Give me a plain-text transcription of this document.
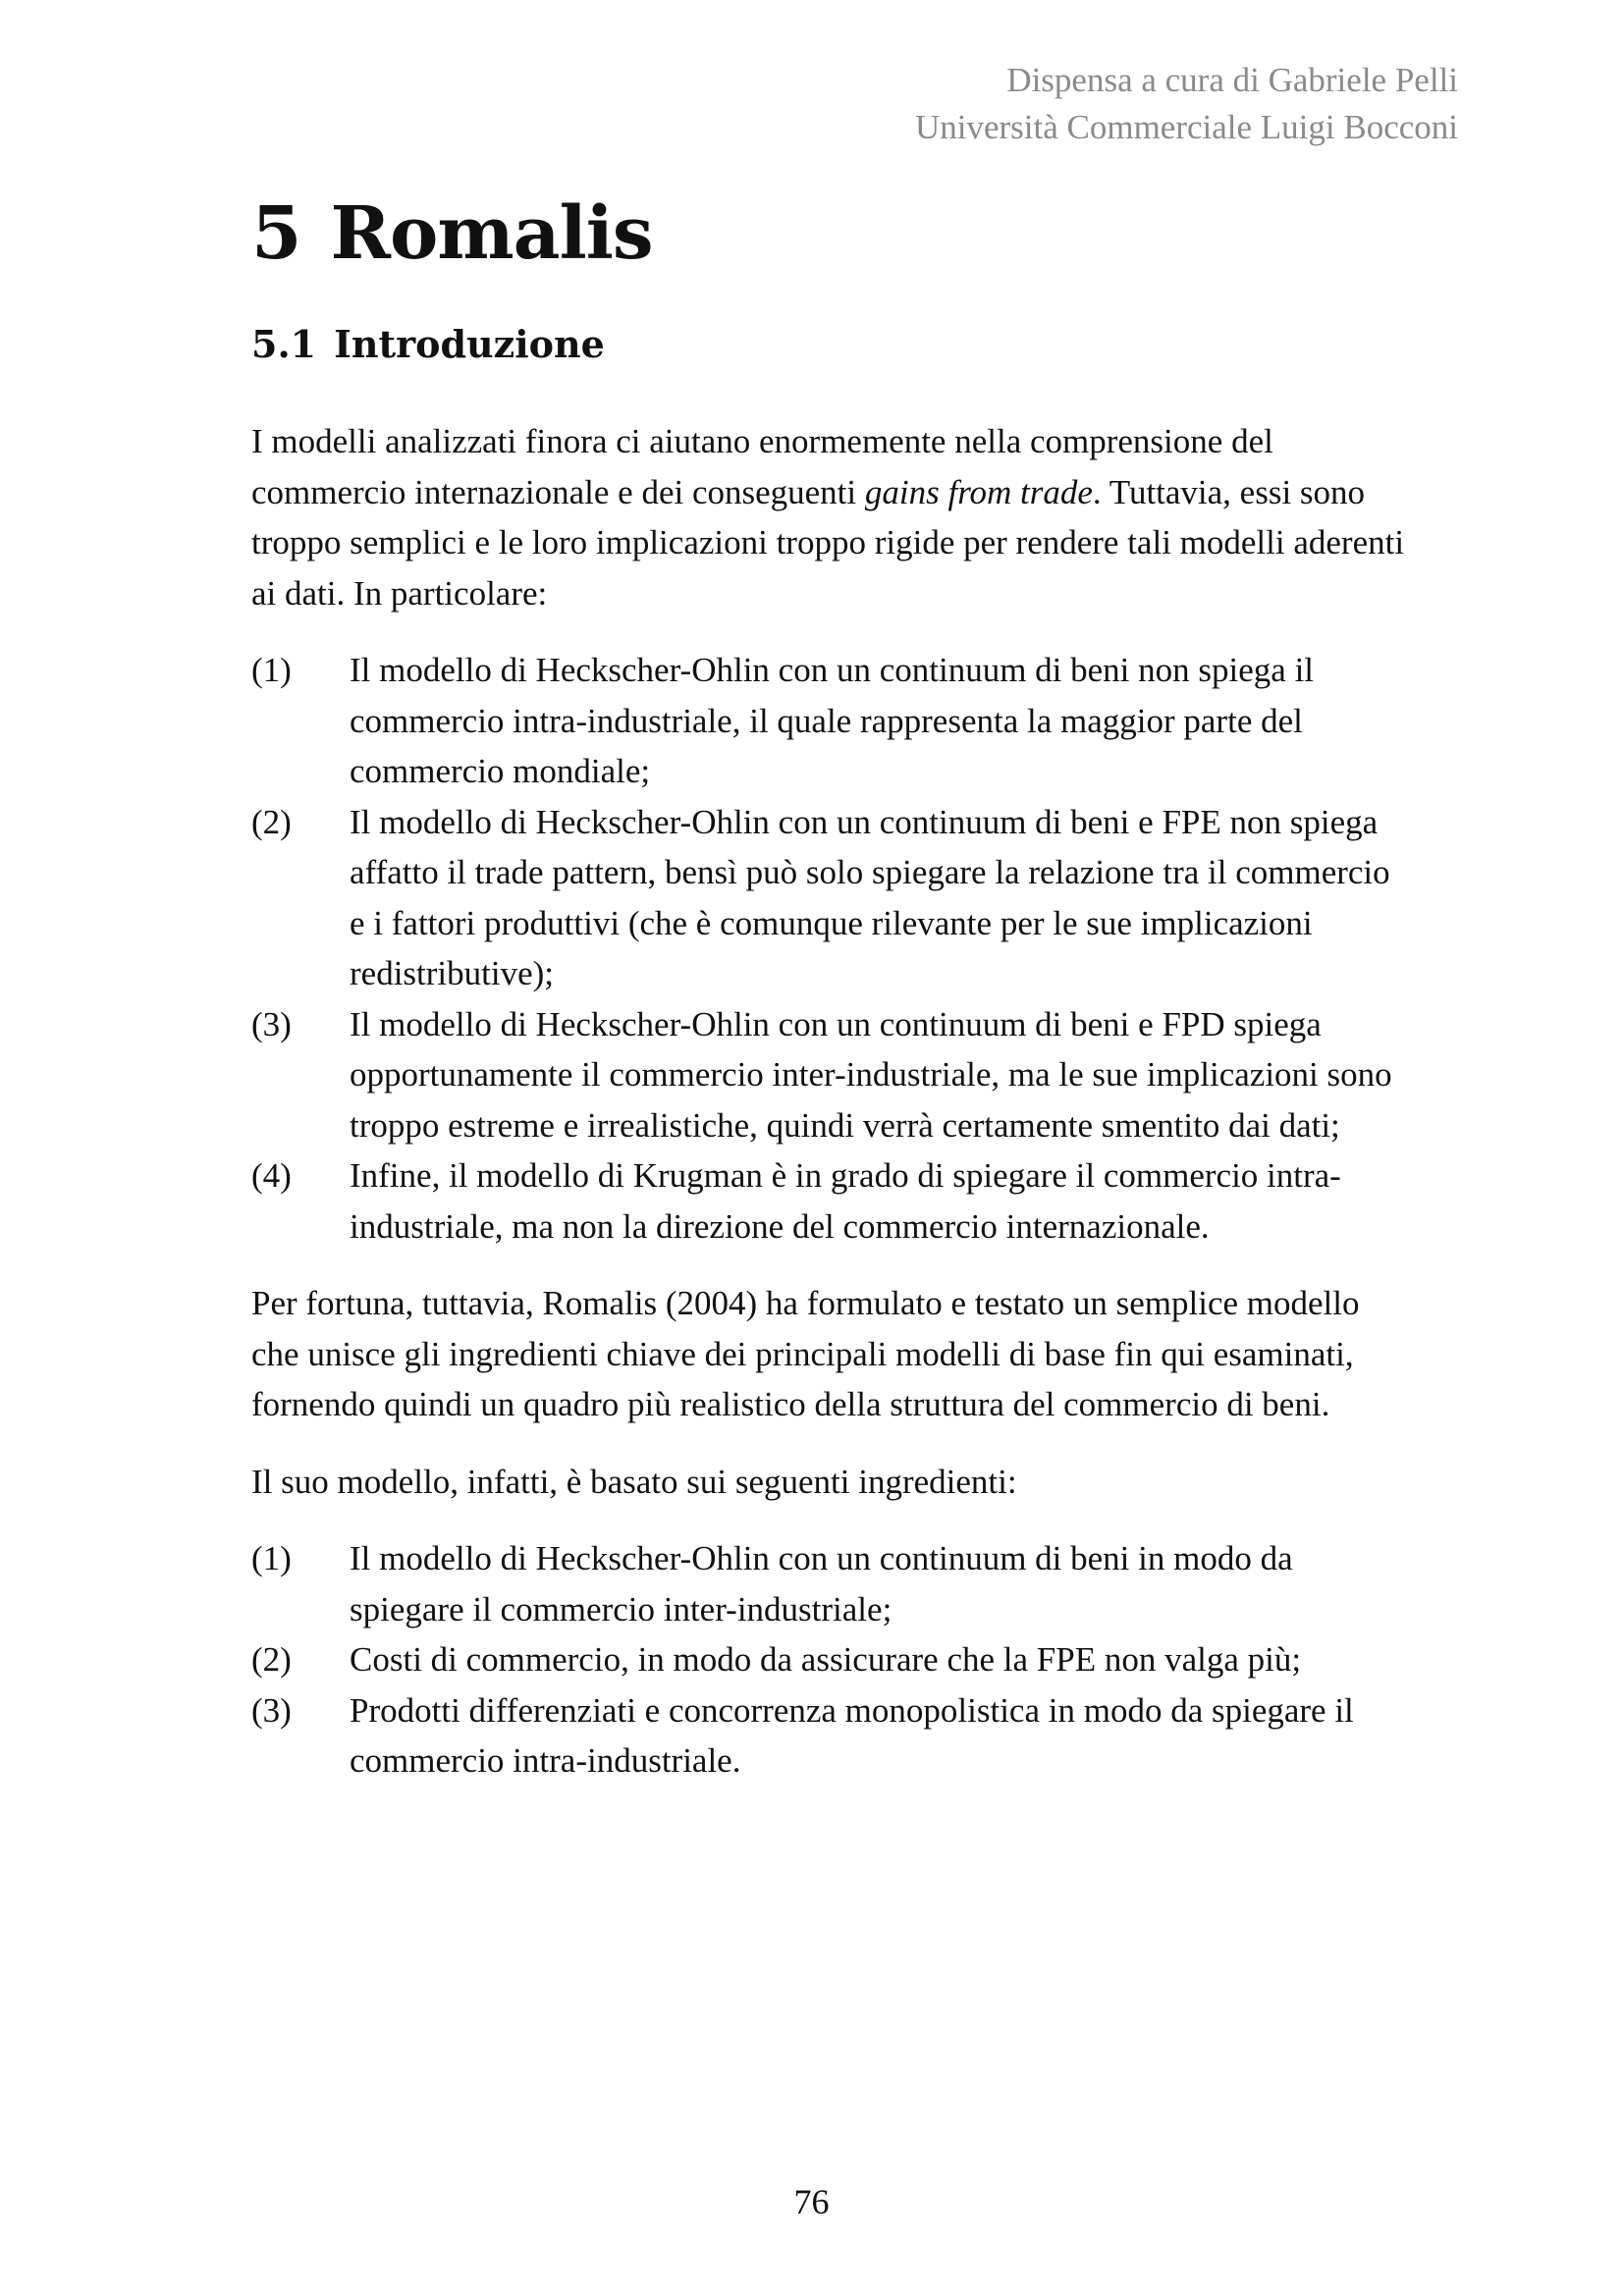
Dispensa a cura di Gabriele Pelli
Università Commerciale Luigi Bocconi
5 Romalis
5.1 Introduzione

I modelli analizzati finora ci aiutano enormemente nella comprensione del commercio internazionale e dei conseguenti gains from trade. Tuttavia, essi sono troppo semplici e le loro implicazioni troppo rigide per rendere tali modelli aderenti ai dati. In particolare:

(1) Il modello di Heckscher-Ohlin con un continuum di beni non spiega il commercio intra-industriale, il quale rappresenta la maggior parte del commercio mondiale;
(2) Il modello di Heckscher-Ohlin con un continuum di beni e FPE non spiega affatto il trade pattern, bensì può solo spiegare la relazione tra il commercio e i fattori produttivi (che è comunque rilevante per le sue implicazioni redistributive);
(3) Il modello di Heckscher-Ohlin con un continuum di beni e FPD spiega opportunamente il commercio inter-industriale, ma le sue implicazioni sono troppo estreme e irrealistiche, quindi verrà certamente smentito dai dati;
(4) Infine, il modello di Krugman è in grado di spiegare il commercio intra-industriale, ma non la direzione del commercio internazionale.

Per fortuna, tuttavia, Romalis (2004) ha formulato e testato un semplice modello che unisce gli ingredienti chiave dei principali modelli di base fin qui esaminati, fornendo quindi un quadro più realistico della struttura del commercio di beni.

Il suo modello, infatti, è basato sui seguenti ingredienti:

(1) Il modello di Heckscher-Ohlin con un continuum di beni in modo da spiegare il commercio inter-industriale;
(2) Costi di commercio, in modo da assicurare che la FPE non valga più;
(3) Prodotti differenziati e concorrenza monopolistica in modo da spiegare il commercio intra-industriale.
76
